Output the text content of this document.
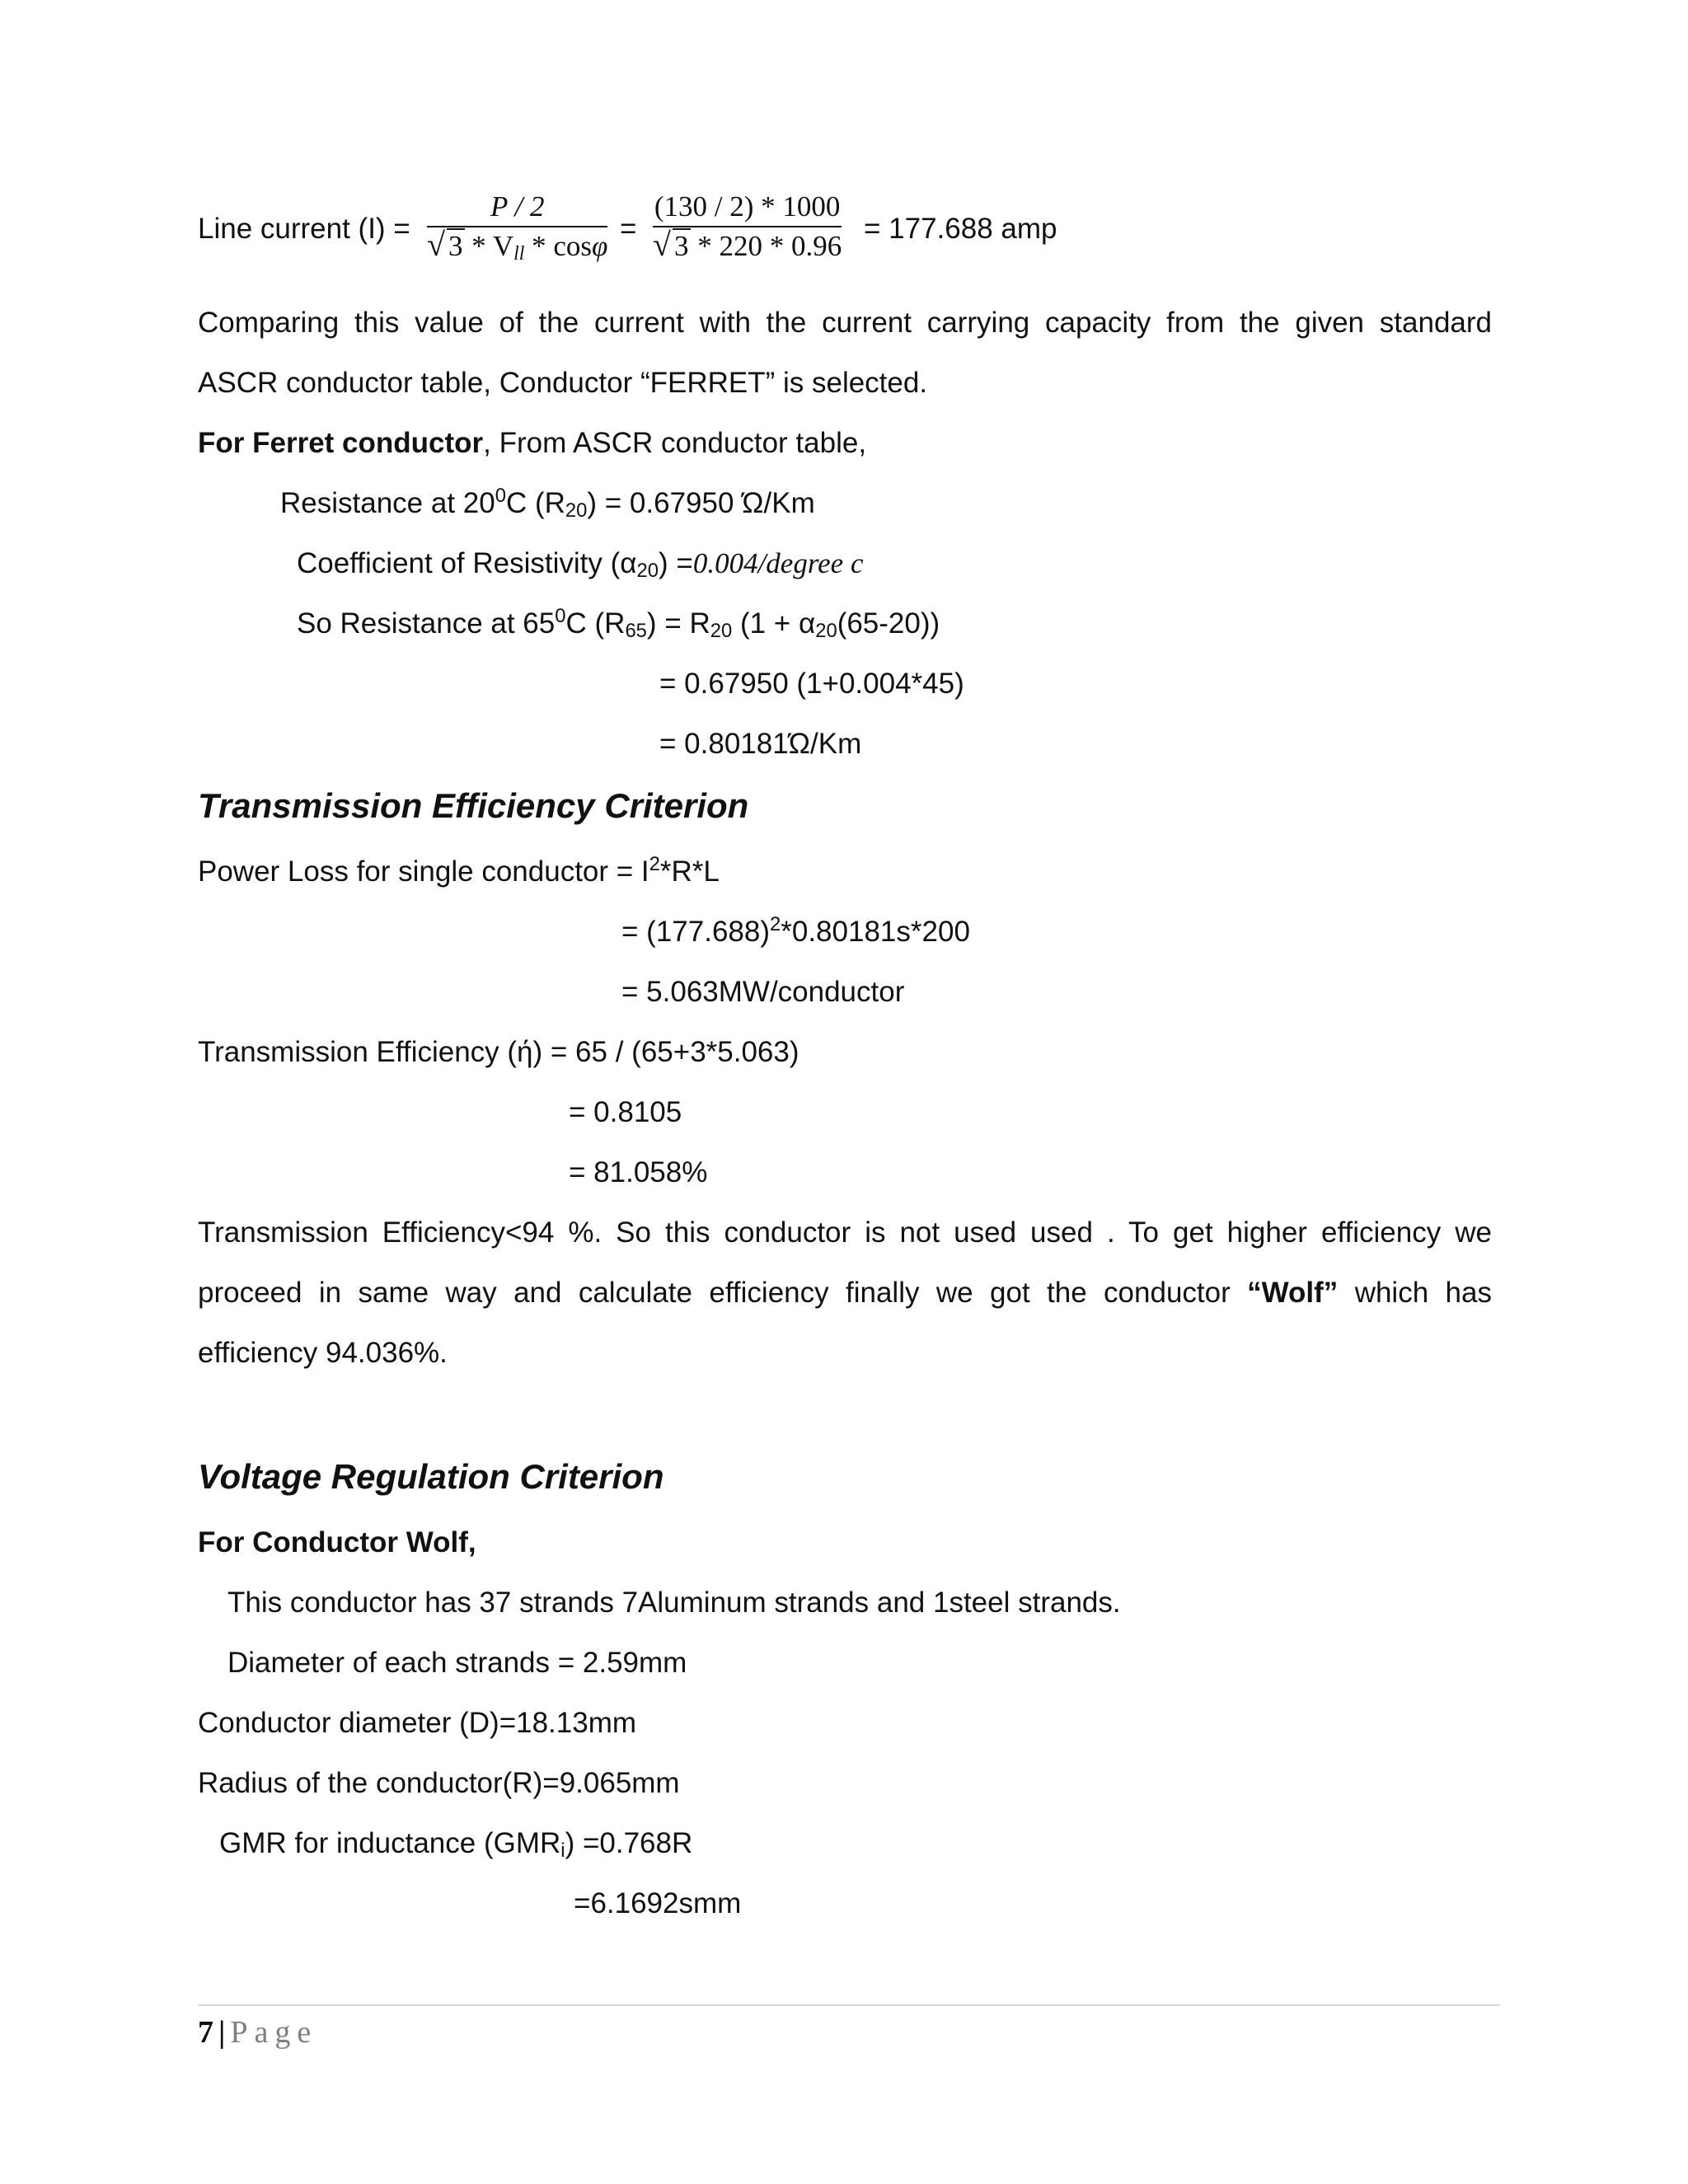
Line current (I) =
P / 2
√ $3 * V_{ll}$ * cosφ
=
(130 / 2) * 1000
√ 3 * 220 * 0.96
= 177.688 amp
Comparing this value of the current with the current carrying capacity from the given standard
ASCR conductor table, Conductor “FERRET” is selected.
For Ferret conductor, From ASCR conductor table,
Resistance at $20^0C$ $(R_{20}) = 0.67950$ Ώ/Km
Coefficient of Resistivity $(\alpha_{20})$ =0.004/degree c
So Resistance at $65^0C$ $(R_{65}) = R_{20}$ $(1 + \alpha_{20}(65-20))$
= 0.67950 (1+0.004*45)
= 0.80181Ώ/Km
Transmission Efficiency Criterion
Power Loss for single conductor = $I^2*R*L$
= $(177.688)^2*0.80181s*200$
= 5.063MW/conductor
Transmission Efficiency (ή) = 65 / (65+3*5.063)
= 0.8105
= 81.058%
Transmission Efficiency<94 %. So this conductor is not used used . To get higher efficiency we
proceed in same way and calculate efficiency finally we got the conductor “Wolf” which has
efficiency 94.036%.
Voltage Regulation Criterion
For Conductor Wolf,
This conductor has 37 strands 7Aluminum strands and 1steel strands.
Diameter of each strands = 2.59mm
Conductor diameter (D)=18.13mm
Radius of the conductor(R)=9.065mm
GMR for inductance $(GMR_i) =0.768R$
=6.1692smm
7 | Page
